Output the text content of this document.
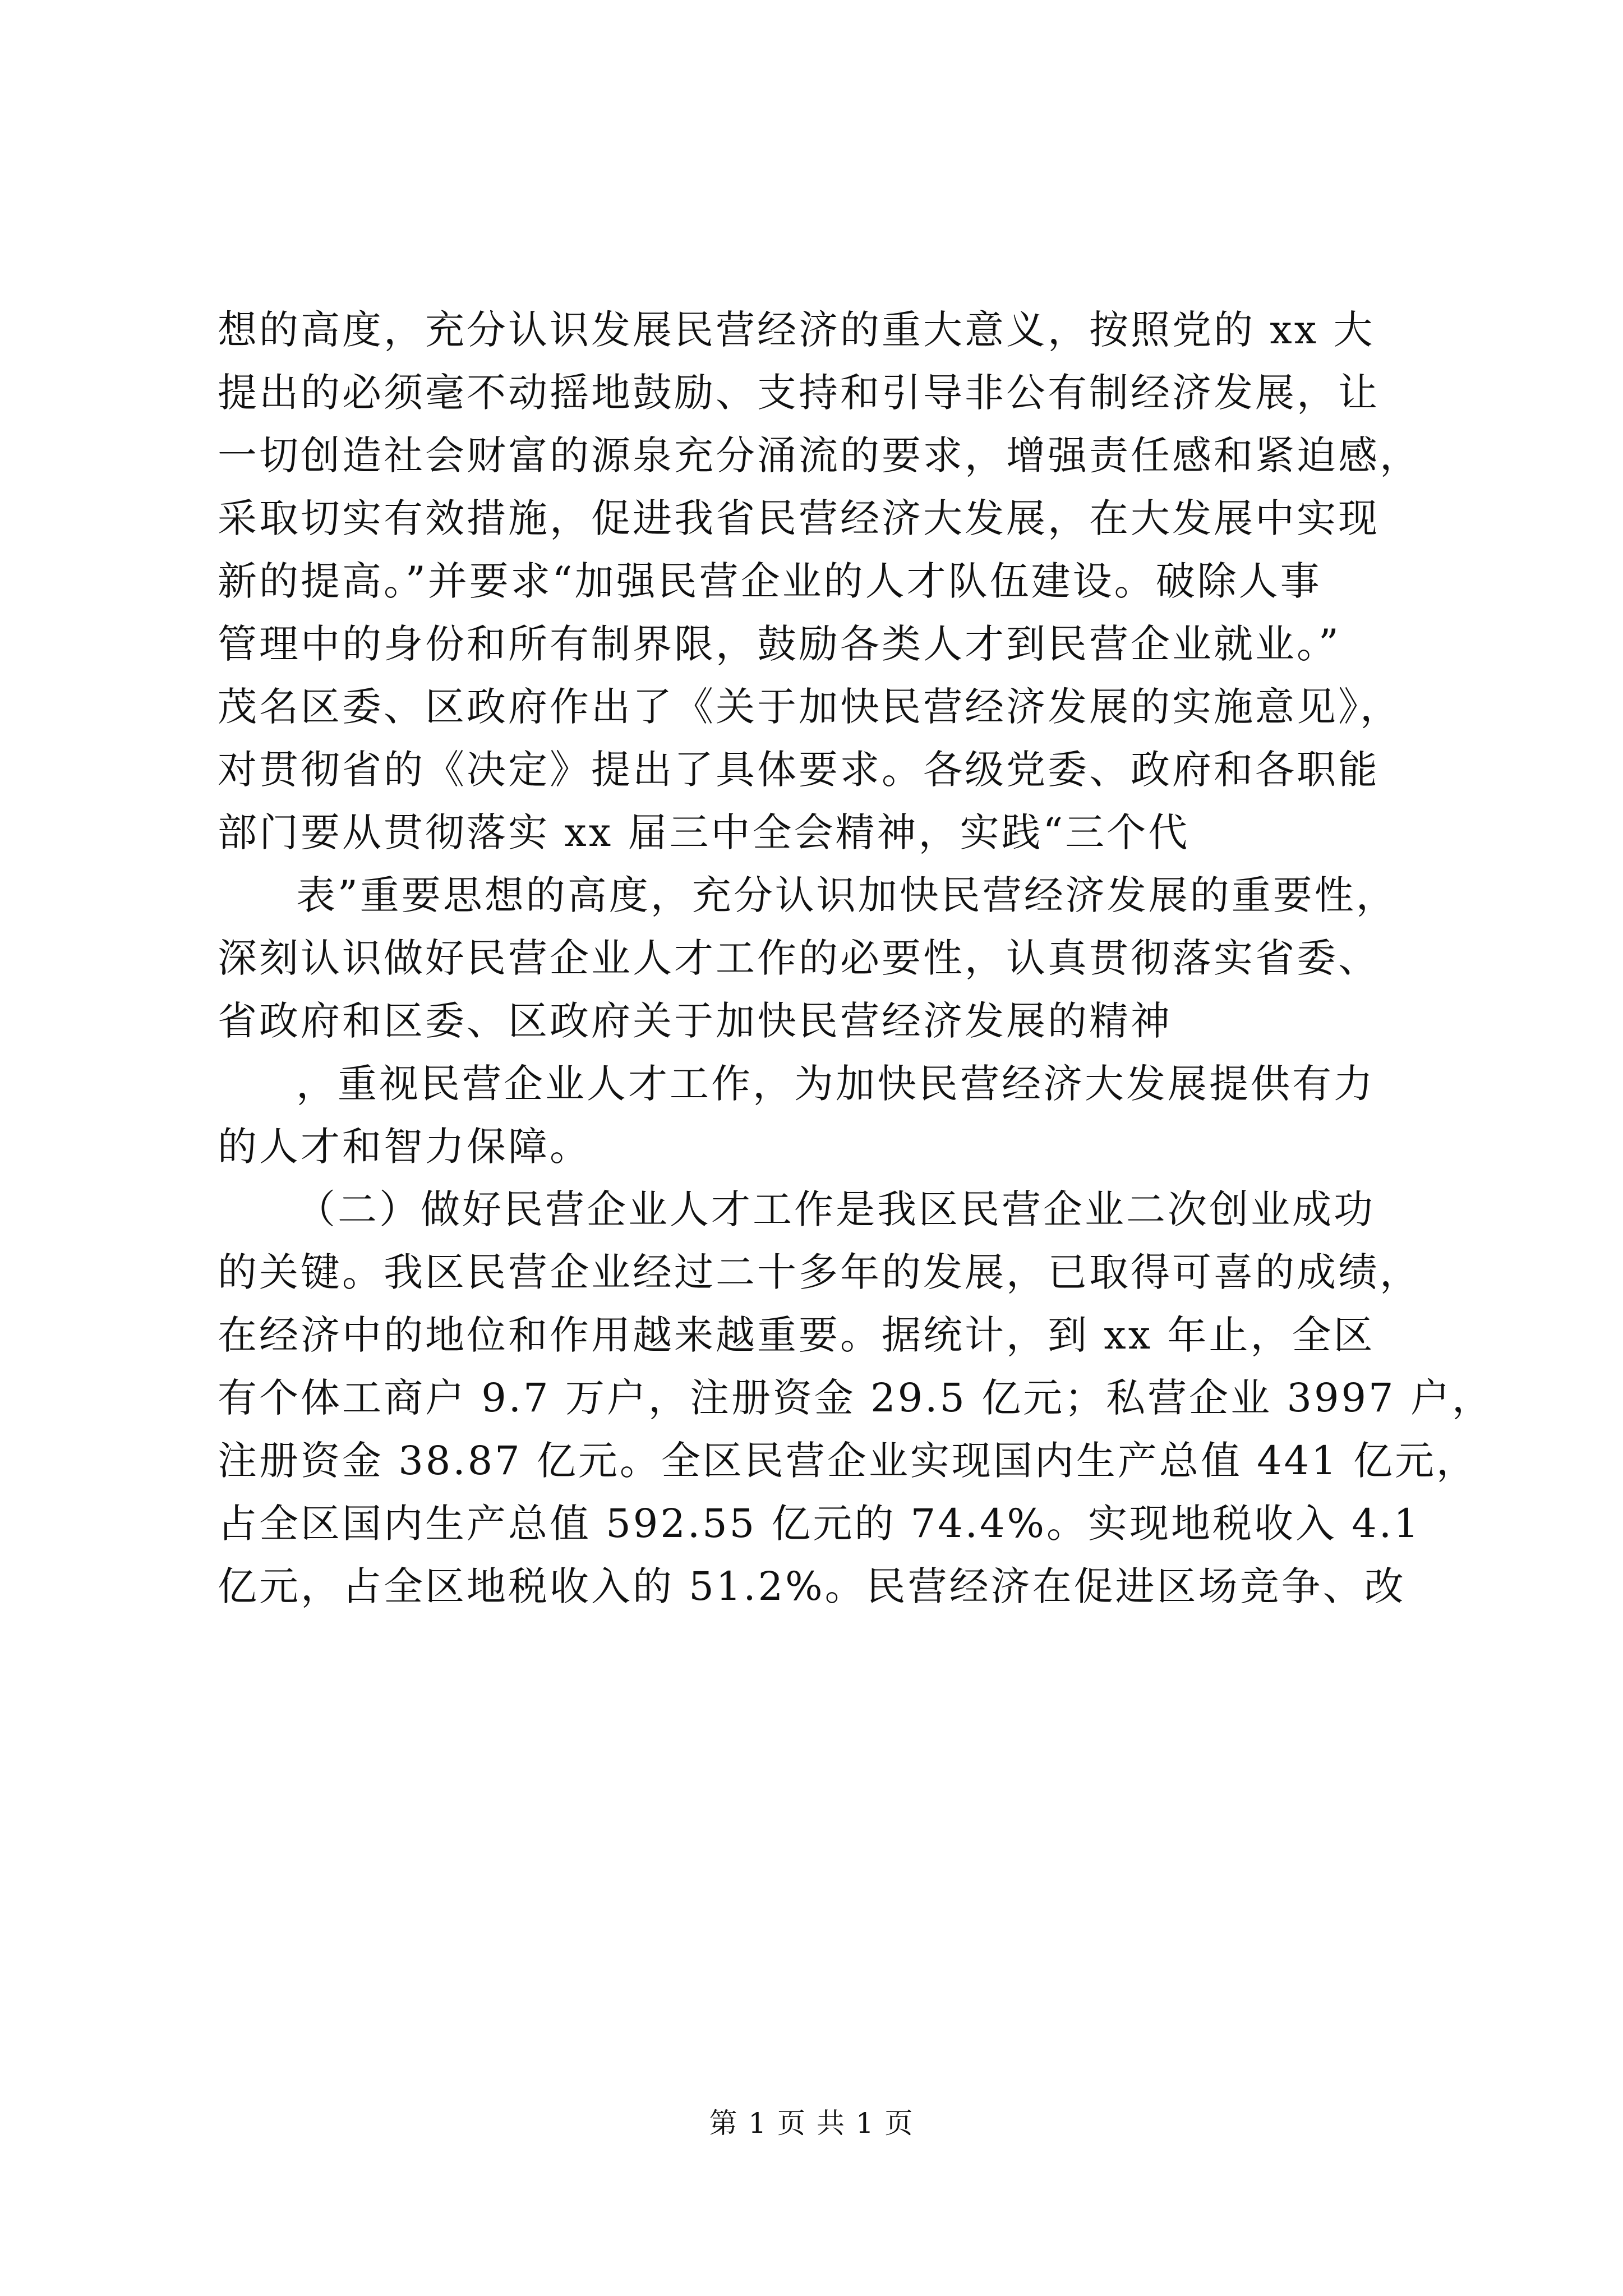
想的高度，充分认识发展民营经济的重大意义，按照党的 xx 大
提出的必须毫不动摇地鼓励、支持和引导非公有制经济发展，让
一切创造社会财富的源泉充分涌流的要求，增强责任感和紧迫感，
采取切实有效措施，促进我省民营经济大发展，在大发展中实现
新的提高。”并要求“加强民营企业的人才队伍建设。破除人事
管理中的身份和所有制界限，鼓励各类人才到民营企业就业。”
茂名区委、区政府作出了《关于加快民营经济发展的实施意见》，
对贯彻省的《决定》提出了具体要求。各级党委、政府和各职能
部门要从贯彻落实 xx 届三中全会精神，实践“三个代
表”重要思想的高度，充分认识加快民营经济发展的重要性，
深刻认识做好民营企业人才工作的必要性，认真贯彻落实省委、
省政府和区委、区政府关于加快民营经济发展的精神
，重视民营企业人才工作，为加快民营经济大发展提供有力
的人才和智力保障。
（二）做好民营企业人才工作是我区民营企业二次创业成功
的关键。我区民营企业经过二十多年的发展，已取得可喜的成绩，
在经济中的地位和作用越来越重要。据统计，到 xx 年止，全区
有个体工商户 9.7 万户，注册资金 29.5 亿元；私营企业 3997 户，
注册资金 38.87 亿元。全区民营企业实现国内生产总值 441 亿元，
占全区国内生产总值 592.55 亿元的 74.4%。实现地税收入 4.1
亿元，占全区地税收入的 51.2%。民营经济在促进区场竞争、改
第 1 页 共 1 页
